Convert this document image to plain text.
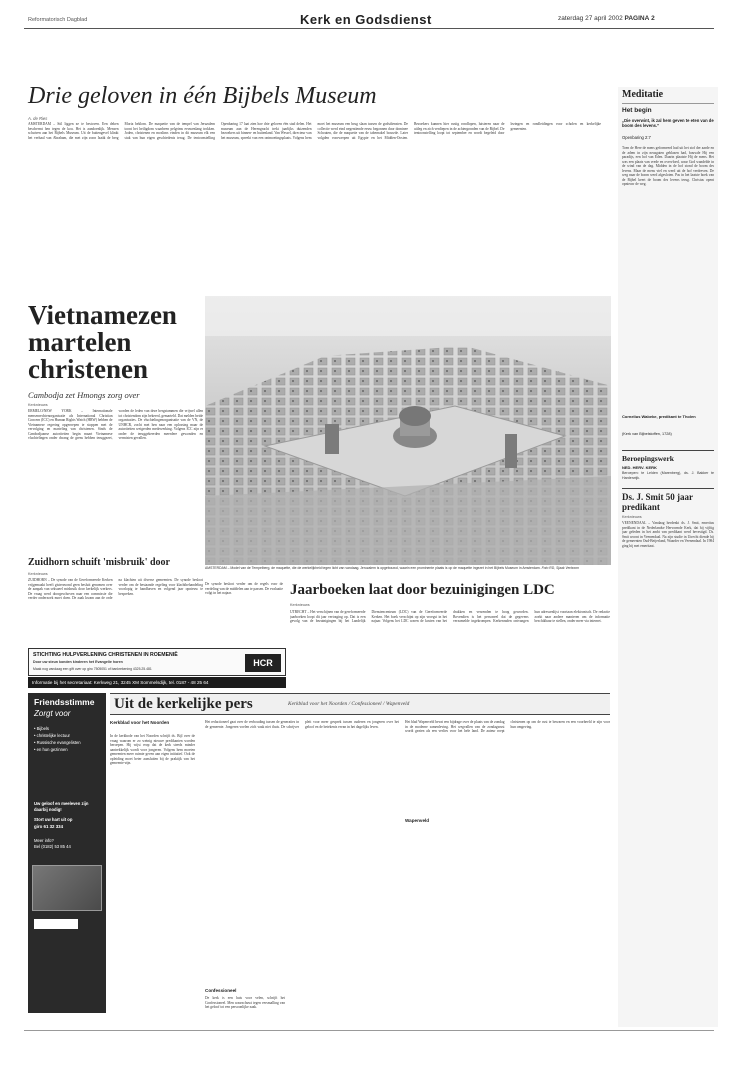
Reformatorisch Dagblad	Kerk en Godsdienst	zaterdag 27 april 2002 PAGINA 2
Drie geloven in één Bijbels Museum
A. de Ries
AMSTERDAM – Stil liggen ze te bestoven. Een deken beschermt hen tegen de kou. Het is aandoenlijk. Mensen schuiven aan het Bijbels Museum. Uit de buitengevel klinkt het verhaal van Abraham, die met zijn zoon Izaäk de berg Moria beklom. De maquette van de tempel van Jeruzalem toont het heiligdom waarheen pelgrims eeuwenlang trokken. Joden, christenen en moslims vinden in dit museum elk een stuk van hun eigen geschiedenis terug. De tentoonstelling Openbaring 17 laat zien hoe drie geloven één stad delen. Het museum aan de Herengracht trekt jaarlijks duizenden bezoekers uit binnen- en buitenland. Van Wessel, directeur van het museum, spreekt van een ontmoetingsplaats. Volgens hem moet het museum een brug slaan tussen de godsdiensten. De collectie werd eind negentiende eeuw begonnen door dominee Schouten, die de maquette van de tabernakel bouwde. Later volgden voorwerpen uit Egypte en het Midden-Oosten. Bezoekers kunnen hier rustig rondlopen, luisteren naar de uitleg en zich verdiepen in de achtergronden van de Bijbel. De tentoonstelling loopt tot september en wordt begeleid door lezingen en rondleidingen voor scholen en kerkelijke gemeenten.
AMSTERDAM – Model van de Tempelberg, de maquette, die de werkelijkheid tegen licht van vandaag. Jeruzalem is opgebouwd, waarin een prominente plaats is op de maquette ingezet in het Bijbels Museum in Amsterdam. Foto RD, Sjaak Verboom
Vietnamezen martelen christenen
Cambodja zet Hmongs zorg over
Kerknieuws
ERMELO/NEW YORK – Internationale mensenrechtenorganisatie als International Christian Concern (ICC) en Human Rights Watch (HRW) hebben de Vietnamese regering opgeroepen te stoppen met de vervolging en marteling van christenen. Sinds de Cambodjaanse autoriteiten begin maart Vietnamese vluchtelingen onder dwang de grens hebben teruggezet, worden de leden van deze bergstammen die vrijwel allen tot christendom zijn bekeerd, gemarteld. Dat melden beide organisaties. De vluchtelingenorganisatie van de VN, de UNHCR, zocht met hen naar een oplossing maar de autoriteiten weigerden medewerking. Volgens ICC zijn er onder de teruggekeerden meerdere gewonden en vermisten gevallen.
Zuidhorn schuift 'misbruik' door
Kerknieuws
ZUIDHORN – De synode van de Gereformeerde Kerken vrijgemaakt heeft gisteravond geen besluit genomen over de aanpak van seksueel misbruik door kerkelijk werkers. De vraag werd doorgeschoven naar een commissie die verder onderzoek moet doen. De zaak kwam aan de orde na klachten uit diverse gemeenten. De synode besloot verder om de bestaande regeling voor klachtbehandeling voorlopig te handhaven en volgend jaar opnieuw te bespreken.
De synode besloot verder om de regels voor de verdeling van de middelen aan te passen. De evaluatie volgt in het najaar.	Jaarboeken laat door bezuinigingen LDC
Kerknieuws
UTRECHT – Het verschijnen van de gereformeerde jaarboeken loopt dit jaar vertraging op. Dat is een gevolg van de bezuinigingen bij het Landelijk Dienstencentrum (LDC) van de Gereformeerde Kerken. Het boek verschijnt op zijn vroegst in het najaar. Volgens het LDC waren de kosten van het drukken en verzenden te hoog geworden. Bovendien is het personeel dat de gegevens verzamelde ingekrompen. Kerkenraden ontvangen hun adressenlijst voortaan elektronisch. De redactie zoekt naar andere manieren om de informatie beschikbaar te stellen, onder meer via internet.
STICHTING HULPVERLENING CHRISTENEN IN ROEMENIË
Door uw steun konden kinderen het Evangelie horen
Maak nog vandaag een gift over op giro 7505051 of bankrekening 4325.25.481
HCR
Informatie bij het secretariaat: Kerkweg 21, 3245 XM Sommelsdijk, tel. 0187 - 48 25 64
Friendsstimme
Zorgt voor
• Bijbels
• christelijke lectuur
• Russische evangelisten
• en hun gezinnen
Uw geloof en meeleven zijn daarbij nodig!
Stort uw hart uit op
giro 61 32 334
Meer info?
Bel (0182) 53 85 44
Uit de kerkelijke pers	Kerkblad voor het Noorden / Confessioneel / Wapenveld
Kerkblad voor het Noorden
In de kerkbode van het Noorden schrijft ds. Bijl over de vraag waarom er zo weinig nieuwe predikanten worden beroepen. Hij wijst erop dat de kerk steeds minder aantrekkelijk wordt voor jongeren. Volgens hem moeten gemeenten meer ruimte geven aan eigen initiatief. Ook de opleiding moet beter aansluiten bij de praktijk van het gemeente-zijn.
Confessioneel
De kerk is een huis voor velen, schrijft het Confessioneel. Men waarschuwt tegen versmalling van het geloof tot een persoonlijke zaak.
Het redactioneel gaat over de verhouding tussen de generaties in de gemeente. Jongeren voelen zich vaak niet thuis. De schrijver pleit voor meer gesprek tussen ouderen en jongeren over het geloof en de betekenis ervan in het dagelijks leven.
Wapenveld
Het blad Wapenveld bevat een bijdrage over de plaats van de zondag in de moderne samenleving. Het wegvallen van de zondagsrust wordt gezien als een verlies voor het hele land. De auteur roept christenen op om de rust te bewaren en een voorbeeld te zijn voor hun omgeving.
Meditatie
Het begin
„Die overwint, ik zal hem geven te eten van de boom des levens.”
Openbaring 2:7
Toen de Here de mens geformeerd had uit het stof der aarde en de adem in zijn neusgaten geblazen had, bouwde Hij een paradijs, een hof van Eden. Daarin plaatste Hij de mens. Het was een plaats van vrede en overvloed, waar God wandelde in de wind van de dag. Midden in de hof stond de boom des levens. Maar de mens viel en werd uit de hof verdreven. De weg naar de boom werd afgesloten. Pas in het laatste boek van de Bijbel keert de boom des levens terug. Christus opent opnieuw de weg.
Cornelius Wabeke, predikant te Tholen
(Kerk van Bijbelstoffen, 1728)
Beroepingswerk
NED. HERV. KERK
Beroepen: te Lelden (Marenberg), ds. J. Bakker te Harderwijk.
Ds. J. Smit 50 jaar predikant
Kerknieuws
VEENENDAAL – Vandaag herdenkt ds. J. Smit, emeritus predikant in de Nederlandse Hervormde Kerk, dat hij vijftig jaar geleden in het ambt van predikant werd bevestigd. Ds. Smit woont in Veenendaal. Na zijn studie in Utrecht diende hij de gemeenten Oud-Beijerland, Waarder en Veenendaal. In 1984 ging hij met emeritaat.
